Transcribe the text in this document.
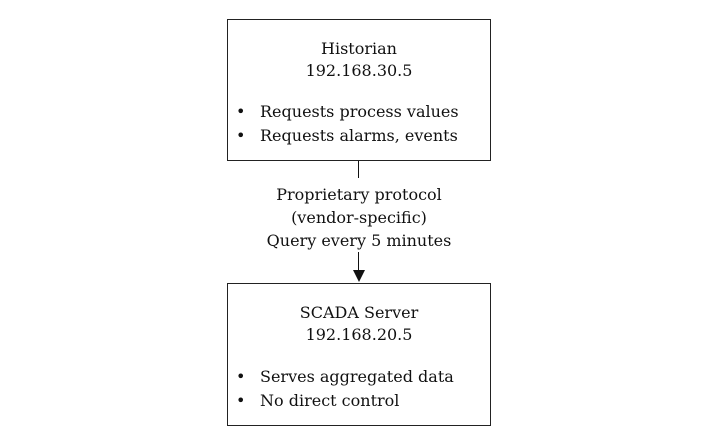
Historian
192.168.30.5
• Requests process values
• Requests alarms, events
Proprietary protocol
(vendor-specific)
Query every 5 minutes
SCADA Server
192.168.20.5
• Serves aggregated data
• No direct control
